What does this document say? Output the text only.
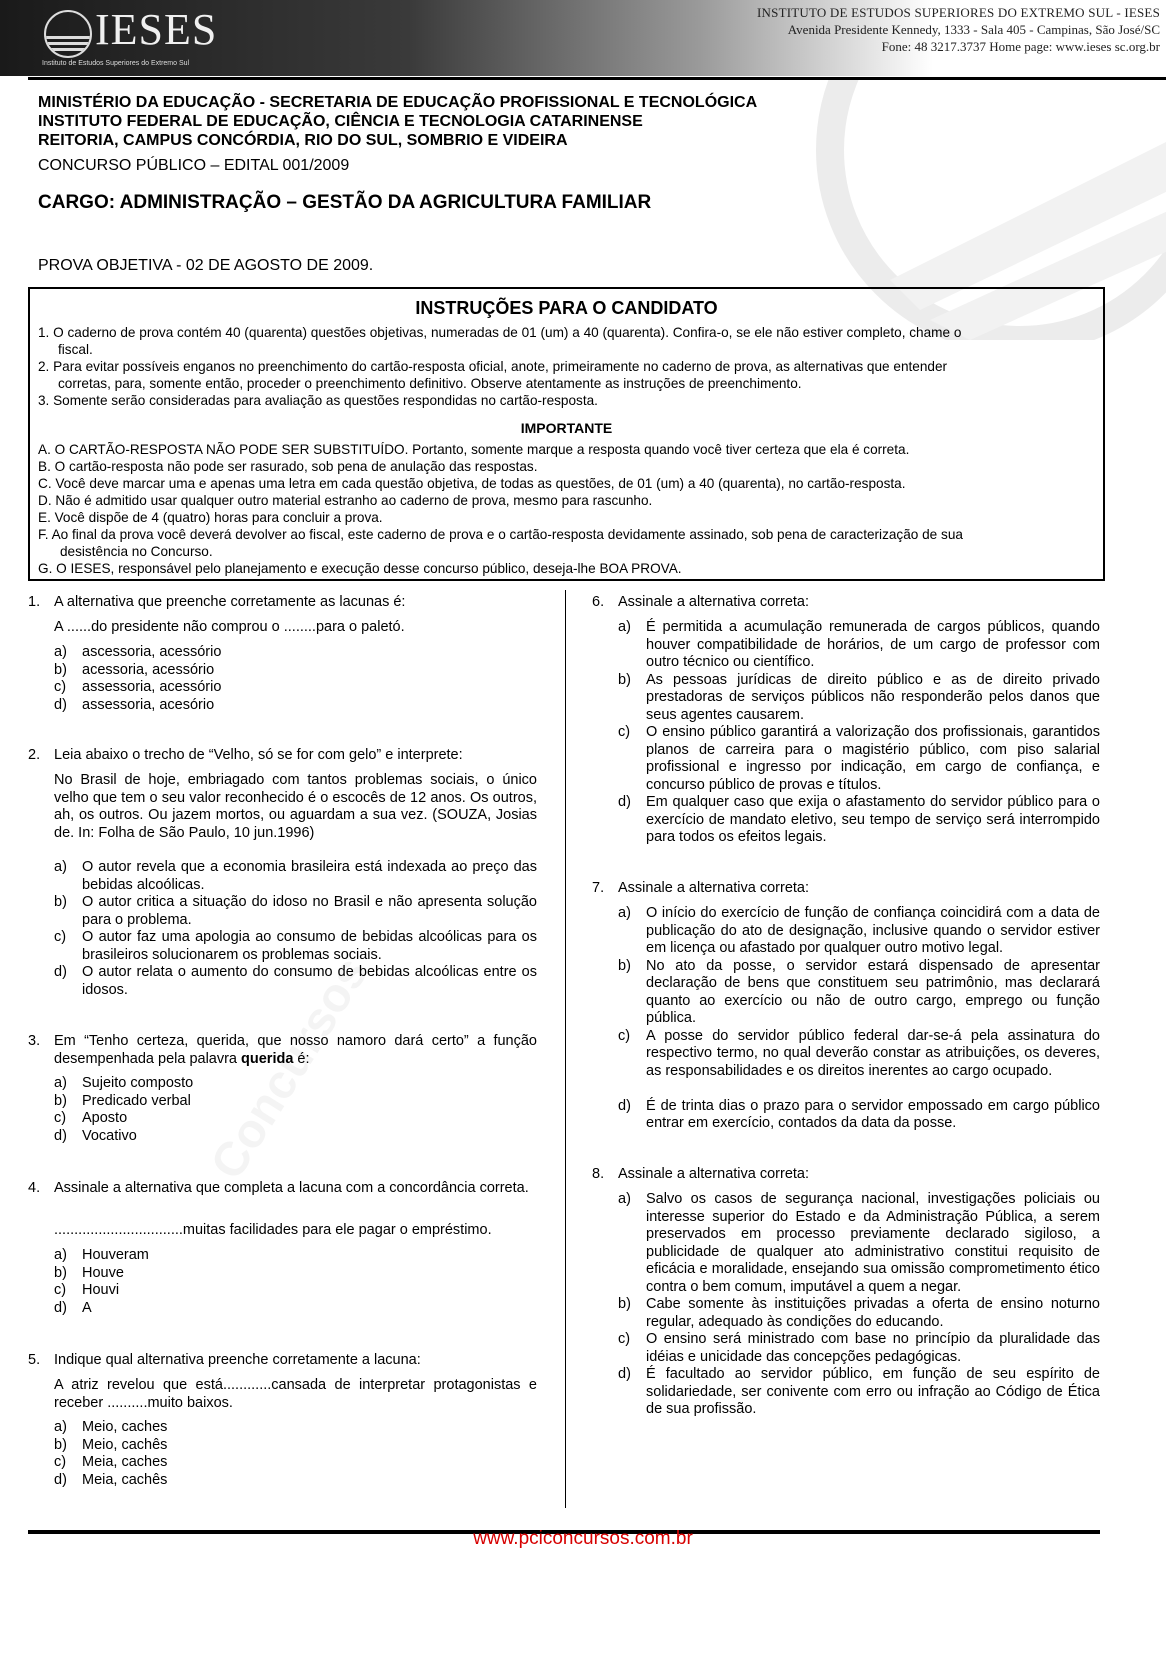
IESES
Instituto de Estudos Superiores do Extremo Sul
INSTITUTO DE ESTUDOS SUPERIORES DO EXTREMO SUL - IESES
Avenida Presidente Kennedy, 1333 - Sala 405 - Campinas, São José/SC
Fone: 48 3217.3737 Home page: www.ieses sc.org.br
MINISTÉRIO DA EDUCAÇÃO - SECRETARIA DE EDUCAÇÃO PROFISSIONAL E TECNOLÓGICA
INSTITUTO FEDERAL DE EDUCAÇÃO, CIÊNCIA E TECNOLOGIA CATARINENSE
REITORIA, CAMPUS CONCÓRDIA, RIO DO SUL, SOMBRIO E VIDEIRA
CONCURSO PÚBLICO – EDITAL 001/2009
CARGO: ADMINISTRAÇÃO – GESTÃO DA AGRICULTURA FAMILIAR
PROVA OBJETIVA - 02 DE AGOSTO DE 2009.
INSTRUÇÕES PARA O CANDIDATO
1. O caderno de prova contém 40 (quarenta) questões objetivas, numeradas de 01 (um) a 40 (quarenta). Confira-o, se ele não estiver completo, chame o
fiscal.
2. Para evitar possíveis enganos no preenchimento do cartão-resposta oficial, anote, primeiramente no caderno de prova, as alternativas que entender
corretas, para, somente então, proceder o preenchimento definitivo. Observe atentamente as instruções de preenchimento.
3. Somente serão consideradas para avaliação as questões respondidas no cartão-resposta.
IMPORTANTE
A. O CARTÃO-RESPOSTA NÃO PODE SER SUBSTITUÍDO. Portanto, somente marque a resposta quando você tiver certeza que ela é correta.
B. O cartão-resposta não pode ser rasurado, sob pena de anulação das respostas.
C. Você deve marcar uma e apenas uma letra em cada questão objetiva, de todas as questões, de 01 (um) a 40 (quarenta), no cartão-resposta.
D. Não é admitido usar qualquer outro material estranho ao caderno de prova, mesmo para rascunho.
E. Você dispõe de 4 (quatro) horas para concluir a prova.
F. Ao final da prova você deverá devolver ao fiscal, este caderno de prova e o cartão-resposta devidamente assinado, sob pena de caracterização de sua
desistência no Concurso.
G. O IESES, responsável pelo planejamento e execução desse concurso público, deseja-lhe BOA PROVA.
1. A alternativa que preenche corretamente as lacunas é:
A ......do presidente não comprou o ........para o paletó.
a) ascessoria, acessório
b) acessoria, acessório
c) assessoria, acessório
d) assessoria, acesório
2. Leia abaixo o trecho de “Velho, só se for com gelo” e interprete:
No Brasil de hoje, embriagado com tantos problemas sociais, o único velho que tem o seu valor reconhecido é o escocês de 12 anos. Os outros, ah, os outros. Ou jazem mortos, ou aguardam a sua vez. (SOUZA, Josias de. In: Folha de São Paulo, 10 jun.1996)
a) O autor revela que a economia brasileira está indexada ao preço das bebidas alcoólicas.
b) O autor critica a situação do idoso no Brasil e não apresenta solução para o problema.
c) O autor faz uma apologia ao consumo de bebidas alcoólicas para os brasileiros solucionarem os problemas sociais.
d) O autor relata o aumento do consumo de bebidas alcoólicas entre os idosos.
3. Em “Tenho certeza, querida, que nosso namoro dará certo” a função desempenhada pela palavra querida é:
a) Sujeito composto
b) Predicado verbal
c) Aposto
d) Vocativo
4. Assinale a alternativa que completa a lacuna com a concordância correta.
................................muitas facilidades para ele pagar o empréstimo.
a) Houveram
b) Houve
c) Houvi
d) A
5. Indique qual alternativa preenche corretamente a lacuna:
A atriz revelou que está............cansada de interpretar protagonistas e receber ..........muito baixos.
a) Meio, caches
b) Meio, cachês
c) Meia, caches
d) Meia, cachês
6. Assinale a alternativa correta:
a) É permitida a acumulação remunerada de cargos públicos, quando houver compatibilidade de horários, de um cargo de professor com outro técnico ou científico.
b) As pessoas jurídicas de direito público e as de direito privado prestadoras de serviços públicos não responderão pelos danos que seus agentes causarem.
c) O ensino público garantirá a valorização dos profissionais, garantidos planos de carreira para o magistério público, com piso salarial profissional e ingresso por indicação, em cargo de confiança, e concurso público de provas e títulos.
d) Em qualquer caso que exija o afastamento do servidor público para o exercício de mandato eletivo, seu tempo de serviço será interrompido para todos os efeitos legais.
7. Assinale a alternativa correta:
a) O início do exercício de função de confiança coincidirá com a data de publicação do ato de designação, inclusive quando o servidor estiver em licença ou afastado por qualquer outro motivo legal.
b) No ato da posse, o servidor estará dispensado de apresentar declaração de bens que constituem seu patrimônio, mas declarará quanto ao exercício ou não de outro cargo, emprego ou função pública.
c) A posse do servidor público federal dar-se-á pela assinatura do respectivo termo, no qual deverão constar as atribuições, os deveres, as responsabilidades e os direitos inerentes ao cargo ocupado.
d) É de trinta dias o prazo para o servidor empossado em cargo público entrar em exercício, contados da data da posse.
8. Assinale a alternativa correta:
a) Salvo os casos de segurança nacional, investigações policiais ou interesse superior do Estado e da Administração Pública, a serem preservados em processo previamente declarado sigiloso, a publicidade de qualquer ato administrativo constitui requisito de eficácia e moralidade, ensejando sua omissão comprometimento ético contra o bem comum, imputável a quem a negar.
b) Cabe somente às instituições privadas a oferta de ensino noturno regular, adequado às condições do educando.
c) O ensino será ministrado com base no princípio da pluralidade das idéias e unicidade das concepções pedagógicas.
d) É facultado ao servidor público, em função de seu espírito de solidariedade, ser conivente com erro ou infração ao Código de Ética de sua profissão.
www.pciconcursos.com.br
